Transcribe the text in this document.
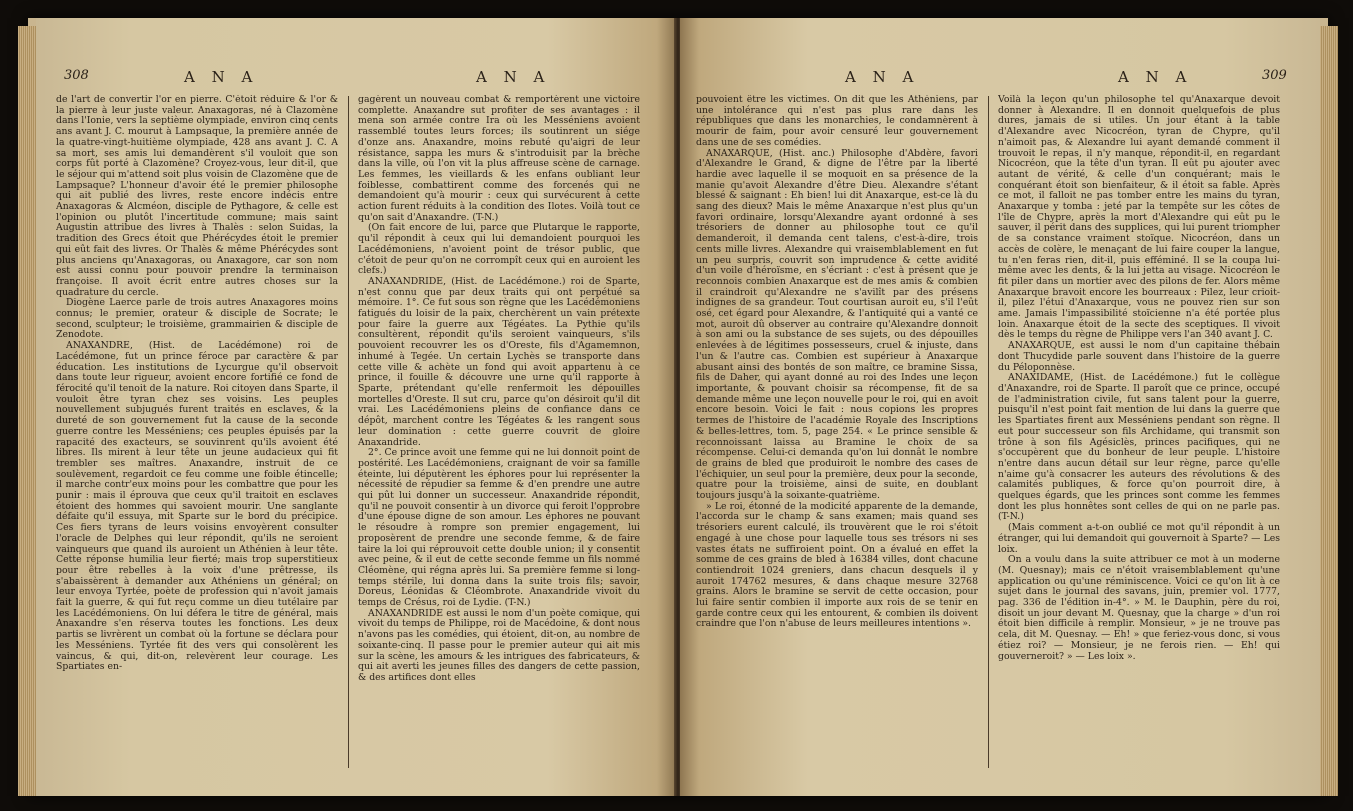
308	A N A	A N A

de l'art de convertir l'or en pierre. C'étoit réduire & l'or & la pierre à leur juste valeur. Anaxagoras, né à Clazomène dans l'Ionie, vers la septième olympiade, environ cinq cents ans avant J. C. mourut à Lampsaque, la première année de la quatre-vingt-huitième olympiade, 428 ans avant J. C. A sa mort, ses amis lui demandèrent s'il vouloit que son corps fût porté à Clazomène? Croyez-vous, leur dit-il, que le séjour qui m'attend soit plus voisin de Clazomène que de Lampsaque? L'honneur d'avoir été le premier philosophe qui ait publié des livres, reste encore indécis entre Anaxagoras & Alcméon, disciple de Pythagore, & celle est l'opinion ou plutôt l'incertitude commune; mais saint Augustin attribue des livres à Thalès : selon Suidas, la tradition des Grecs étoit que Phérécydes étoit le premier qui eût fait des livres. Or Thalès & même Phérécydes sont plus anciens qu'Anaxagoras, ou Anaxagore, car son nom est aussi connu pour pouvoir prendre la terminaison françoise. Il avoit écrit entre autres choses sur la quadrature du cercle.

Diogène Laerce parle de trois autres Anaxagores moins connus; le premier, orateur & disciple de Socrate; le second, sculpteur; le troisième, grammairien & disciple de Zenodote.

ANAXANDRE, (Hist. de Lacédémone) roi de Lacédémone, fut un prince féroce par caractère & par éducation. Les institutions de Lycurgue qu'il observoit dans toute leur rigueur, avoient encore fortifié ce fond de férocité qu'il tenoit de la nature. Roi citoyen dans Sparte, il vouloit être tyran chez ses voisins. Les peuples nouvellement subjugués furent traités en esclaves, & la dureté de son gouvernement fut la cause de la seconde guerre contre les Messéniens; ces peuples épuisés par la rapacité des exacteurs, se souvinrent qu'ils avoient été libres. Ils mirent à leur tête un jeune audacieux qui fit trembler ses maîtres. Anaxandre, instruit de ce soulèvement, regardoit ce feu comme une foible étincelle; il marche contr'eux moins pour les combattre que pour les punir : mais il éprouva que ceux qu'il traitoit en esclaves étoient des hommes qui savoient mourir. Une sanglante défaite qu'il essuya, mit Sparte sur le bord du précipice. Ces fiers tyrans de leurs voisins envoyèrent consulter l'oracle de Delphes qui leur répondit, qu'ils ne seroient vainqueurs que quand ils auroient un Athénien à leur tête. Cette réponse humilia leur fierté; mais trop superstitieux pour être rebelles à la voix d'une prêtresse, ils s'abaissèrent à demander aux Athéniens un général; on leur envoya Tyrtée, poète de profession qui n'avoit jamais fait la guerre, & qui fut reçu comme un dieu tutélaire par les Lacédémoniens. On lui défera le titre de général, mais Anaxandre s'en réserva toutes les fonctions. Les deux partis se livrèrent un combat où la fortune se déclara pour les Messéniens. Tyrtée fit des vers qui consolèrent les vaincus, & qui, dit-on, relevèrent leur courage. Les Spartiates en-

gagèrent un nouveau combat & remportèrent une victoire complette. Anaxandre sut profiter de ses avantages : il mena son armée contre Ira où les Messéniens avoient rassemblé toutes leurs forces; ils soutinrent un siége d'onze ans. Anaxandre, moins rebuté qu'aigri de leur résistance, sappa les murs & s'introduisit par la brèche dans la ville, où l'on vit la plus affreuse scène de carnage. Les femmes, les vieillards & les enfans oubliant leur foiblesse, combattirent comme des forcenés qui ne demandoient qu'à mourir : ceux qui survécurent à cette action furent réduits à la condition des Ilotes. Voilà tout ce qu'on sait d'Anaxandre. (T-N.)

(On fait encore de lui, parce que Plutarque le rapporte, qu'il répondit à ceux qui lui demandoient pourquoi les Lacédémoniens, n'avoient point de trésor public, que c'étoit de peur qu'on ne corrompît ceux qui en auroient les clefs.)

ANAXANDRIDE, (Hist. de Lacédémone.) roi de Sparte, n'est connu que par deux traits qui ont perpétué sa mémoire. 1°. Ce fut sous son règne que les Lacédémoniens fatigués du loisir de la paix, cherchèrent un vain prétexte pour faire la guerre aux Tégéates. La Pythie qu'ils consultèrent, répondit qu'ils seroient vainqueurs, s'ils pouvoient recouvrer les os d'Oreste, fils d'Agamemnon, inhumé à Tegée. Un certain Lychès se transporte dans cette ville & achète un fond qui avoit appartenu à ce prince, il fouille & découvre une urne qu'il rapporte à Sparte, prétendant qu'elle renfermoit les dépouilles mortelles d'Oreste. Il sut cru, parce qu'on désiroit qu'il dit vrai. Les Lacédémoniens pleins de confiance dans ce dépôt, marchent contre les Tégéates & les rangent sous leur domination : cette guerre couvrit de gloire Anaxandride.

2°. Ce prince avoit une femme qui ne lui donnoit point de postérité. Les Lacédémoniens, craignant de voir sa famille éteinte, lui députèrent les éphores pour lui représenter la nécessité de répudier sa femme & d'en prendre une autre qui pût lui donner un successeur. Anaxandride répondit, qu'il ne pouvoit consentir à un divorce qui feroit l'opprobre d'une épouse digne de son amour. Les éphores ne pouvant le résoudre à rompre son premier engagement, lui proposèrent de prendre une seconde femme, & de faire taire la loi qui réprouvoit cette double union; il y consentit avec peine, & il eut de cette seconde femme un fils nommé Cléomène, qui régna après lui. Sa première femme si long-temps stérile, lui donna dans la suite trois fils; savoir, Doreus, Léonidas & Cléombrote. Anaxandride vivoit du temps de Crésus, roi de Lydie. (T-N.)

ANAXANDRIDE est aussi le nom d'un poète comique, qui vivoit du temps de Philippe, roi de Macédoine, & dont nous n'avons pas les comédies, qui étoient, dit-on, au nombre de soixante-cinq. Il passe pour le premier auteur qui ait mis sur la scène, les amours & les intrigues des fabricateurs, & qui ait averti les jeunes filles des dangers de cette passion, & des artifices dont elles

A N A	A N A	309

pouvoient être les victimes. On dit que les Athéniens, par une intolérance qui n'est pas plus rare dans les républiques que dans les monarchies, le condamnèrent à mourir de faim, pour avoir censuré leur gouvernement dans une de ses comédies.

ANAXARQUE, (Hist. anc.) Philosophe d'Abdère, favori d'Alexandre le Grand, & digne de l'être par la liberté hardie avec laquelle il se moquoit en sa présence de la manie qu'avoit Alexandre d'être Dieu. Alexandre s'étant blessé & saignant : Eh bien! lui dit Anaxarque, est-ce là du sang des dieux? Mais le même Anaxarque n'est plus qu'un favori ordinaire, lorsqu'Alexandre ayant ordonné à ses trésoriers de donner au philosophe tout ce qu'il demanderoit, il demanda cent talens, c'est-à-dire, trois cents mille livres. Alexandre qui vraisemblablement en fut un peu surpris, couvrit son imprudence & cette avidité d'un voile d'héroïsme, en s'écriant : c'est à présent que je reconnois combien Anaxarque est de mes amis & combien il craindroit qu'Alexandre ne s'avilît par des présens indignes de sa grandeur. Tout courtisan auroit eu, s'il l'eût osé, cet égard pour Alexandre, & l'antiquité qui a vanté ce mot, auroit dû observer au contraire qu'Alexandre donnoit à son ami ou la substance de ses sujets, ou des dépouilles enlevées à de légitimes possesseurs, cruel & injuste, dans l'un & l'autre cas. Combien est supérieur à Anaxarque abusant ainsi des bontés de son maître, ce bramine Sissa, fils de Daher, qui ayant donné au roi des Indes une leçon importante, & pouvant choisir sa récompense, fit de sa demande même une leçon nouvelle pour le roi, qui en avoit encore besoin. Voici le fait : nous copions les propres termes de l'histoire de l'académie Royale des Inscriptions & belles-lettres, tom. 5, page 254. « Le prince sensible & reconnoissant laissa au Bramine le choix de sa récompense. Celui-ci demanda qu'on lui donnât le nombre de grains de bled que produiroit le nombre des cases de l'échiquier, un seul pour la première, deux pour la seconde, quatre pour la troisième, ainsi de suite, en doublant toujours jusqu'à la soixante-quatrième.

» Le roi, étonné de la modicité apparente de la demande, l'accorda sur le champ & sans examen; mais quand ses trésoriers eurent calculé, ils trouvèrent que le roi s'étoit engagé à une chose pour laquelle tous ses trésors ni ses vastes états ne suffiroient point. On a évalué en effet la somme de ces grains de bled à 16384 villes, dont chacune contiendroit 1024 greniers, dans chacun desquels il y auroit 174762 mesures, & dans chaque mesure 32768 grains. Alors le bramine se servit de cette occasion, pour lui faire sentir combien il importe aux rois de se tenir en garde contre ceux qui les entourent, & combien ils doivent craindre que l'on n'abuse de leurs meilleures intentions ».

Voilà la leçon qu'un philosophe tel qu'Anaxarque devoit donner à Alexandre. Il en donnoit quelquefois de plus dures, jamais de si utiles. Un jour étant à la table d'Alexandre avec Nicocréon, tyran de Chypre, qu'il n'aimoit pas, & Alexandre lui ayant demandé comment il trouvoit le repas, il n'y manque, répondit-il, en regardant Nicocréon, que la tête d'un tyran. Il eût pu ajouter avec autant de vérité, & celle d'un conquérant; mais le conquérant étoit son bienfaiteur, & il étoit sa fable. Après ce mot, il falloit ne pas tomber entre les mains du tyran, Anaxarque y tomba : jeté par la tempête sur les côtes de l'île de Chypre, après la mort d'Alexandre qui eût pu le sauver, il périt dans des supplices, qui lui purent triompher de sa constance vraiment stoïque. Nicocréon, dans un accès de colère, le menaçant de lui faire couper la langue, tu n'en feras rien, dit-il, puis efféminé. Il se la coupa lui-même avec les dents, & la lui jetta au visage. Nicocréon le fit piler dans un mortier avec des pilons de fer. Alors même Anaxarque bravoit encore les bourreaux : Pilez, leur crioit-il, pilez l'étui d'Anaxarque, vous ne pouvez rien sur son ame. Jamais l'impassibilité stoïcienne n'a été portée plus loin. Anaxarque étoit de la secte des sceptiques. Il vivoit dès le temps du règne de Philippe vers l'an 340 avant J. C.

ANAXARQUE, est aussi le nom d'un capitaine thébain dont Thucydide parle souvent dans l'histoire de la guerre du Péloponnèse.

ANAXIDAME, (Hist. de Lacédémone.) fut le collègue d'Anaxandre, roi de Sparte. Il paroît que ce prince, occupé de l'administration civile, fut sans talent pour la guerre, puisqu'il n'est point fait mention de lui dans la guerre que les Spartiates firent aux Messéniens pendant son règne. Il eut pour successeur son fils Archidame, qui transmit son trône à son fils Agésiclès, princes pacifiques, qui ne s'occupèrent que du bonheur de leur peuple. L'histoire n'entre dans aucun détail sur leur règne, parce qu'elle n'aime qu'à consacrer les auteurs des révolutions & des calamités publiques, & force qu'on pourroit dire, à quelques égards, que les princes sont comme les femmes dont les plus honnêtes sont celles de qui on ne parle pas. (T-N.)

(Mais comment a-t-on oublié ce mot qu'il répondit à un étranger, qui lui demandoit qui gouvernoit à Sparte? — Les loix.

On a voulu dans la suite attribuer ce mot à un moderne (M. Quesnay); mais ce n'étoit vraisemblablement qu'une application ou qu'une réminiscence. Voici ce qu'on lit à ce sujet dans le journal des savans, juin, premier vol. 1777, pag. 336 de l'édition in-4°. » M. le Dauphin, père du roi, disoit un jour devant M. Quesnay, que la charge » d'un roi étoit bien difficile à remplir. Monsieur, » je ne trouve pas cela, dit M. Quesnay. — Eh! » que feriez-vous donc, si vous étiez roi? — Monsieur, je ne ferois rien. — Eh! qui gouverneroit? » — Les loix ».
